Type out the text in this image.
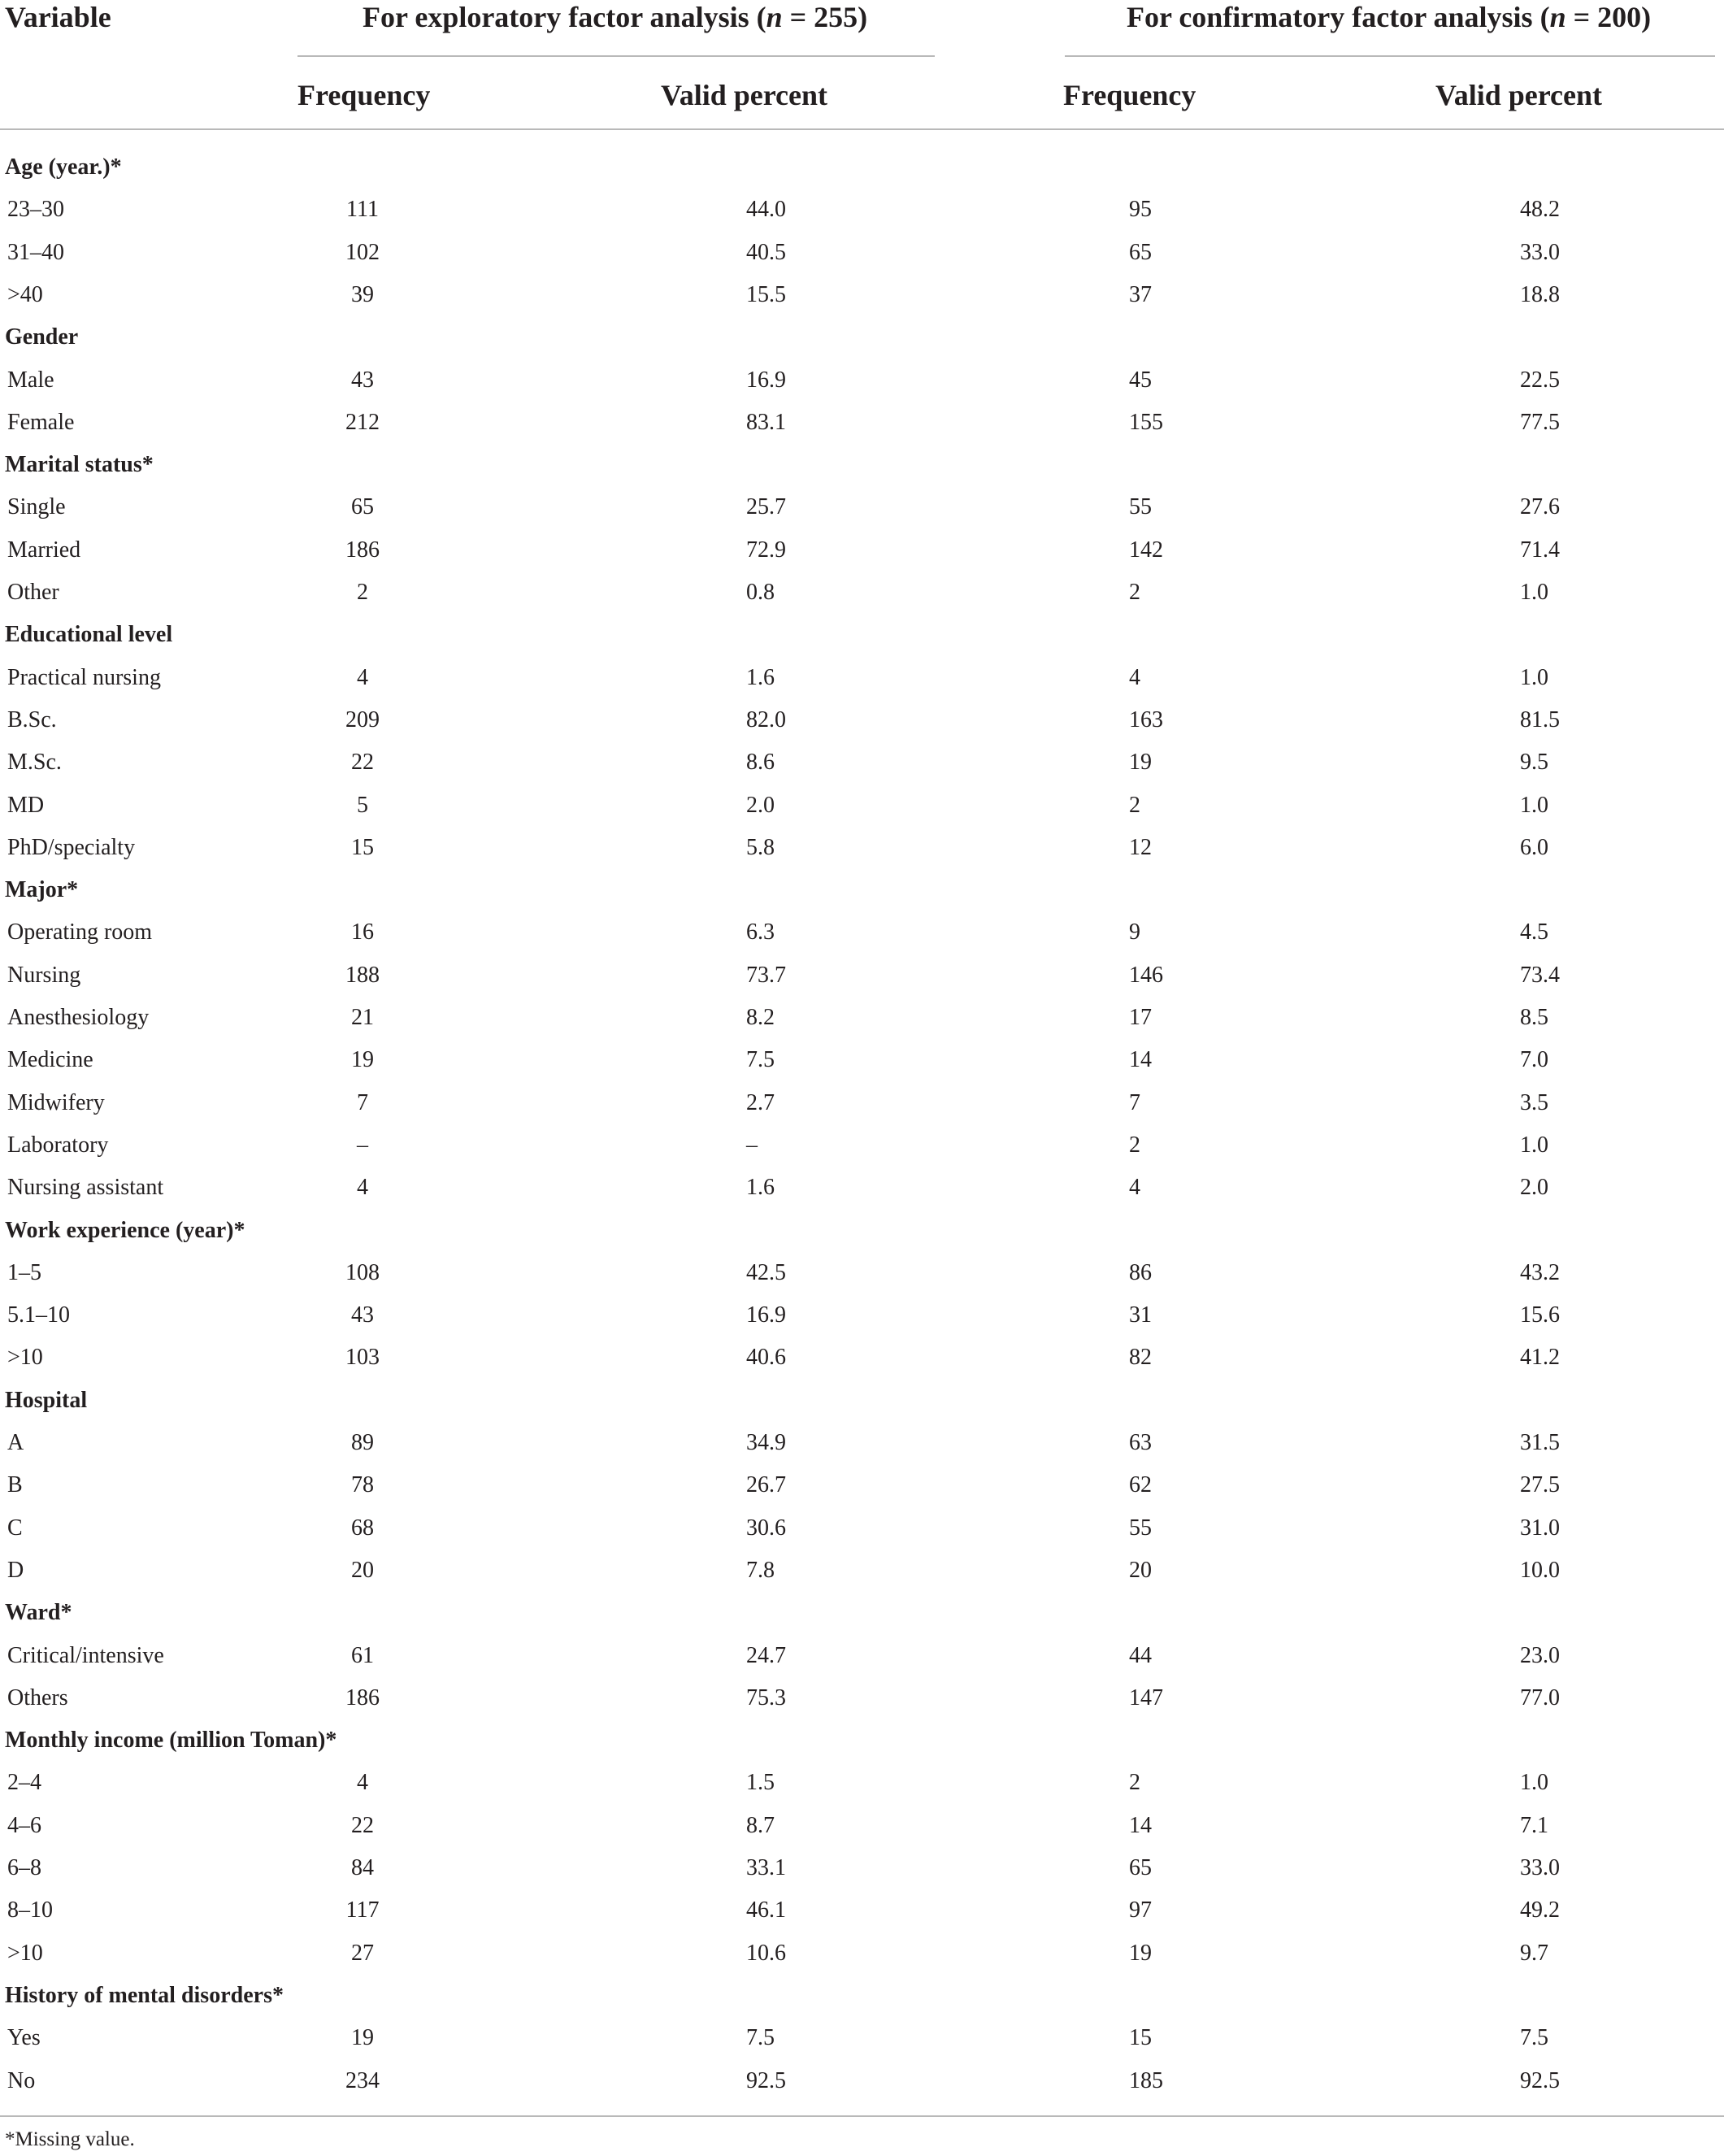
Variable	For exploratory factor analysis (n = 255)	For confirmatory factor analysis (n = 200)
Frequency	Valid percent	Frequency	Valid percent
Age (year.)*
23–30	111	44.0	95	48.2
31–40	102	40.5	65	33.0
>40	39	15.5	37	18.8
Gender
Male	43	16.9	45	22.5
Female	212	83.1	155	77.5
Marital status*
Single	65	25.7	55	27.6
Married	186	72.9	142	71.4
Other	2	0.8	2	1.0
Educational level
Practical nursing	4	1.6	4	1.0
B.Sc.	209	82.0	163	81.5
M.Sc.	22	8.6	19	9.5
MD	5	2.0	2	1.0
PhD/specialty	15	5.8	12	6.0
Major*
Operating room	16	6.3	9	4.5
Nursing	188	73.7	146	73.4
Anesthesiology	21	8.2	17	8.5
Medicine	19	7.5	14	7.0
Midwifery	7	2.7	7	3.5
Laboratory	–	–	2	1.0
Nursing assistant	4	1.6	4	2.0
Work experience (year)*
1–5	108	42.5	86	43.2
5.1–10	43	16.9	31	15.6
>10	103	40.6	82	41.2
Hospital
A	89	34.9	63	31.5
B	78	26.7	62	27.5
C	68	30.6	55	31.0
D	20	7.8	20	10.0
Ward*
Critical/intensive	61	24.7	44	23.0
Others	186	75.3	147	77.0
Monthly income (million Toman)*
2–4	4	1.5	2	1.0
4–6	22	8.7	14	7.1
6–8	84	33.1	65	33.0
8–10	117	46.1	97	49.2
>10	27	10.6	19	9.7
History of mental disorders*
Yes	19	7.5	15	7.5
No	234	92.5	185	92.5
*Missing value.
